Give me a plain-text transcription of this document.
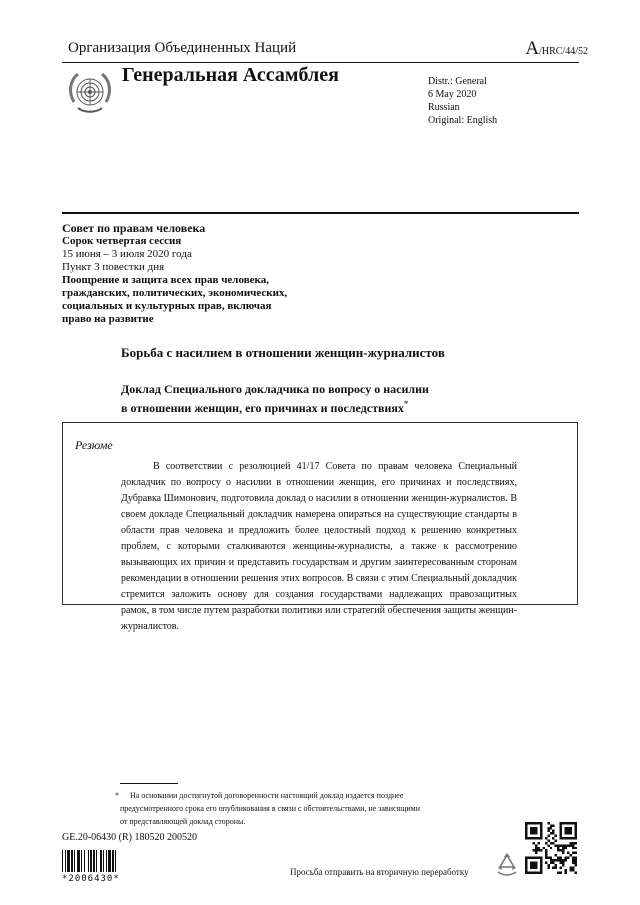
Организация Объединенных Наций	A/HRC/44/52
Генеральная Ассамблея	Distr.: General
6 May 2020
Russian
Original: English
Совет по правам человека
Сорок четвертая сессия
15 июня – 3 июля 2020 года
Пункт 3 повестки дня
Поощрение и защита всех прав человека,
гражданских, политических, экономических,
социальных и культурных прав, включая
право на развитие
Борьба с насилием в отношении женщин-журналистов
Доклад Специального докладчика по вопросу о насилии
в отношении женщин, его причинах и последствиях*
Резюме
В соответствии с резолюцией 41/17 Совета по правам человека Специальный докладчик по вопросу о насилии в отношении женщин, его причинах и последствиях, Дубравка Шимонович, подготовила доклад о насилии в отношении женщин-журналистов. В своем докладе Специальный докладчик намерена опираться на существующие стандарты в области прав человека и предложить более целостный подход к решению конкретных проблем, с которыми сталкиваются женщины-журналисты, а также к рассмотрению вызывающих их причин и представить государствам и другим заинтересованным сторонам рекомендации в отношении решения этих вопросов. В связи с этим Специальный докладчик стремится заложить основу для создания государствами надлежащих правозащитных рамок, в том числе путем разработки политики или стратегий обеспечения защиты женщин-журналистов.
* На основании достигнутой договоренности настоящий доклад издается позднее
предусмотренного срока его опубликования в связи с обстоятельствами, не зависящими
от представляющей доклад стороны.
GE.20-06430 (R) 180520 200520
*2006430*
Просьба отправить на вторичную переработку
